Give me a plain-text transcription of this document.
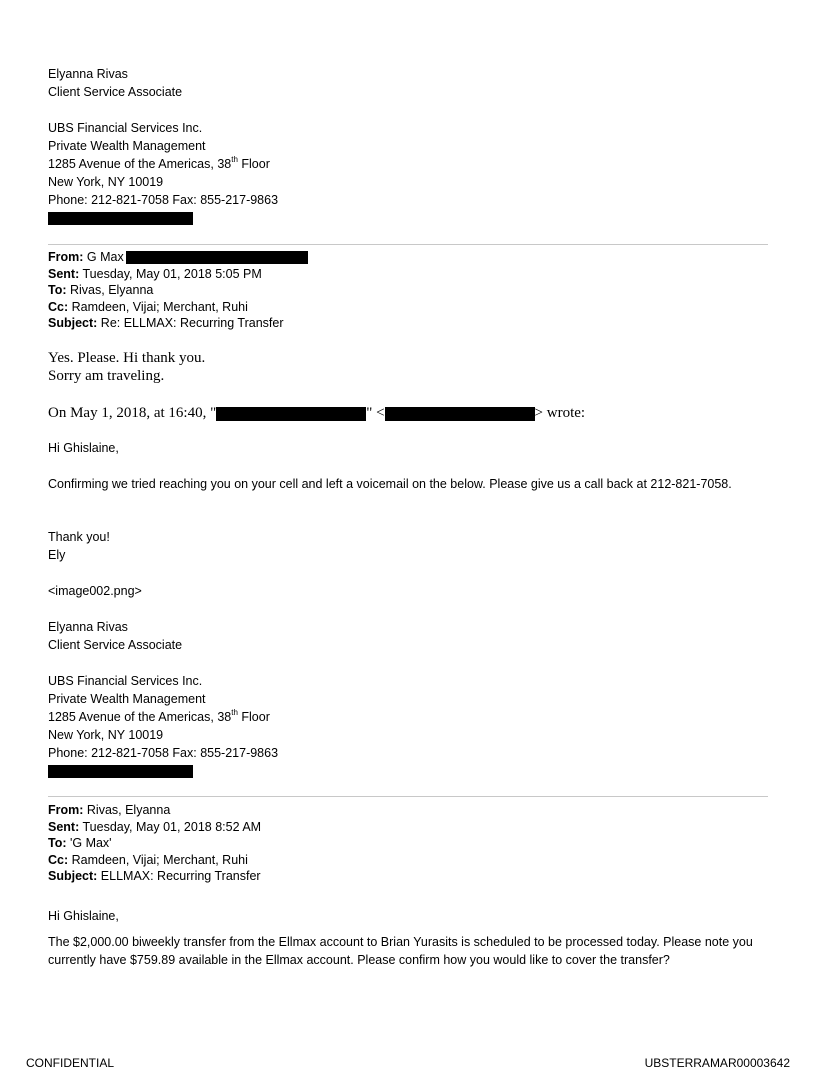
Elyanna Rivas
Client Service Associate
UBS Financial Services Inc.
Private Wealth Management
1285 Avenue of the Americas, 38th Floor
New York, NY 10019
Phone: 212-821-7058 Fax: 855-217-9863
From: G Max
Sent: Tuesday, May 01, 2018 5:05 PM
To: Rivas, Elyanna
Cc: Ramdeen, Vijai; Merchant, Ruhi
Subject: Re: ELLMAX: Recurring Transfer
Yes. Please. Hi thank you.
Sorry am traveling.
On May 1, 2018, at 16:40, "	" <	> wrote:
Hi Ghislaine,
Confirming we tried reaching you on your cell and left a voicemail on the below. Please give us a call back at 212-821-7058.
Thank you!
Ely
<image002.png>
Elyanna Rivas
Client Service Associate
UBS Financial Services Inc.
Private Wealth Management
1285 Avenue of the Americas, 38th Floor
New York, NY 10019
Phone: 212-821-7058 Fax: 855-217-9863
From: Rivas, Elyanna
Sent: Tuesday, May 01, 2018 8:52 AM
To: 'G Max'
Cc: Ramdeen, Vijai; Merchant, Ruhi
Subject: ELLMAX: Recurring Transfer
Hi Ghislaine,
The $2,000.00 biweekly transfer from the Ellmax account to Brian Yurasits is scheduled to be processed today. Please note you currently have $759.89 available in the Ellmax account. Please confirm how you would like to cover the transfer?
CONFIDENTIAL	UBSTERRAMAR00003642
